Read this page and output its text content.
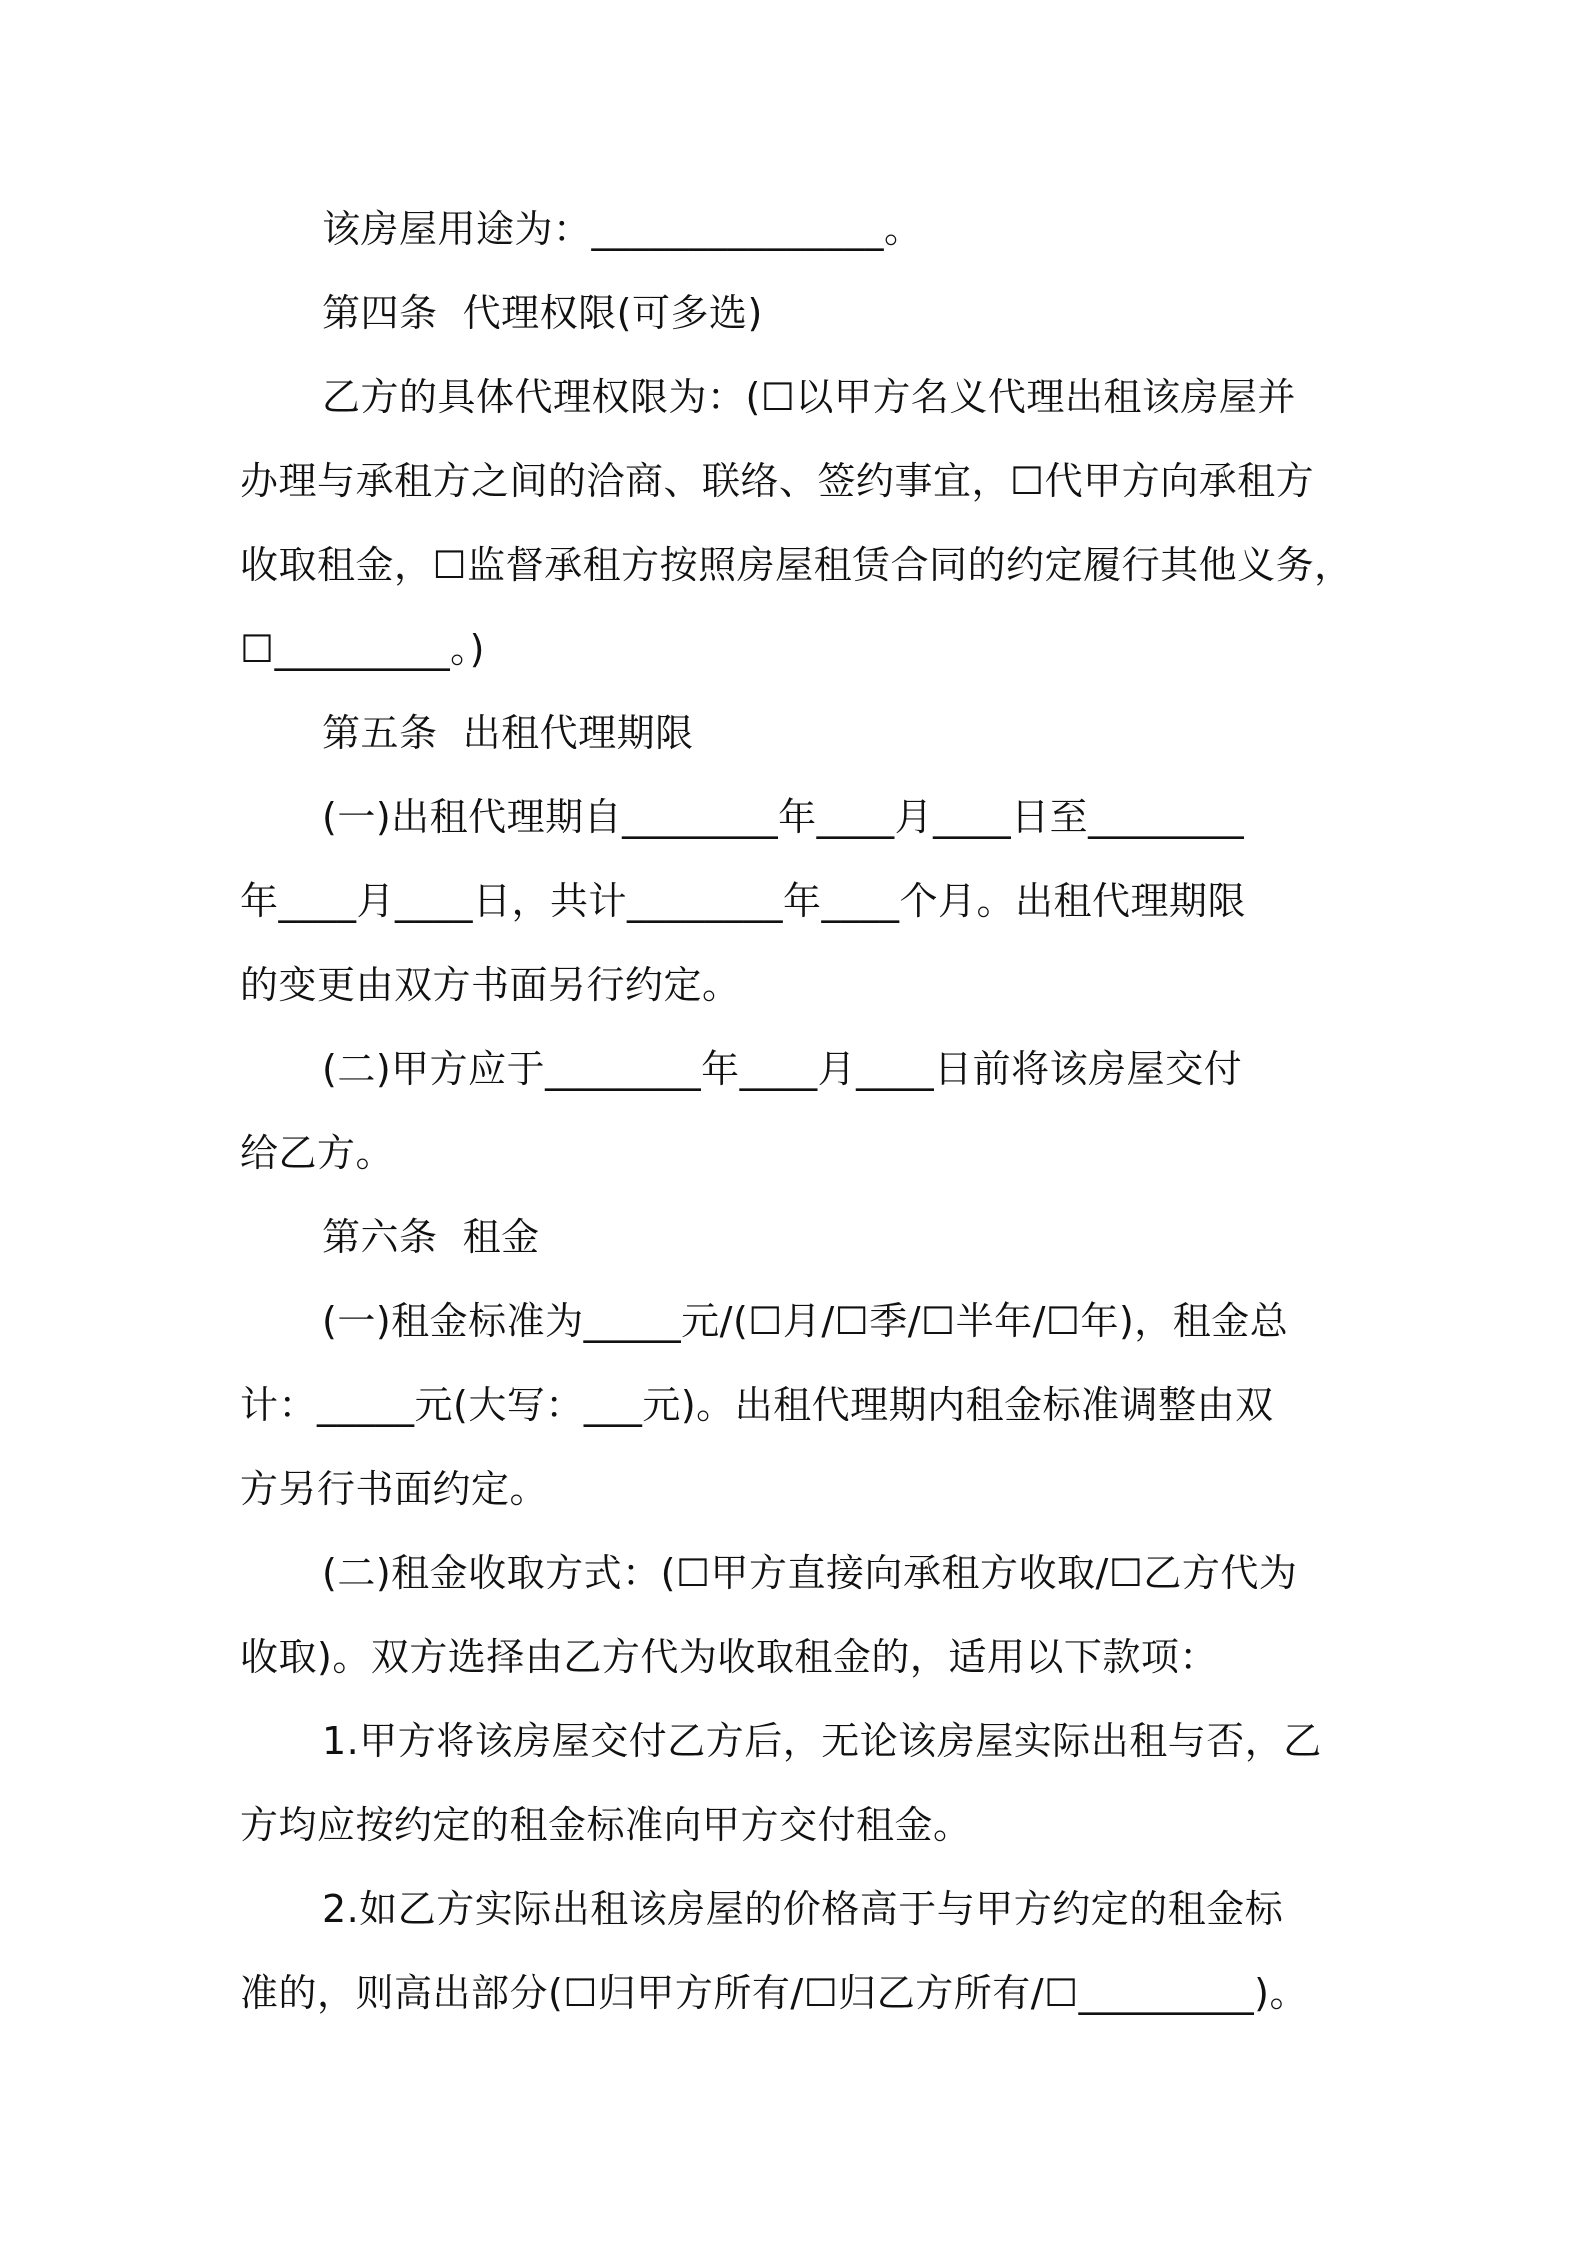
该房屋用途为：_______________。
第四条  代理权限(可多选)
乙方的具体代理权限为：(☐以甲方名义代理出租该房屋并
办理与承租方之间的洽商、联络、签约事宜，☐代甲方向承租方
收取租金，☐监督承租方按照房屋租赁合同的约定履行其他义务，
☐_________。)
第五条  出租代理期限
(一)出租代理期自________年____月____日至________
年____月____日，共计________年____个月。出租代理期限
的变更由双方书面另行约定。
(二)甲方应于________年____月____日前将该房屋交付
给乙方。
第六条  租金
(一)租金标准为_____元/(☐月/☐季/☐半年/☐年)，租金总
计：_____元(大写：___元)。出租代理期内租金标准调整由双
方另行书面约定。
(二)租金收取方式：(☐甲方直接向承租方收取/☐乙方代为
收取)。双方选择由乙方代为收取租金的，适用以下款项：
1.甲方将该房屋交付乙方后，无论该房屋实际出租与否，乙
方均应按约定的租金标准向甲方交付租金。
2.如乙方实际出租该房屋的价格高于与甲方约定的租金标
准的，则高出部分(☐归甲方所有/☐归乙方所有/☐_________)。
